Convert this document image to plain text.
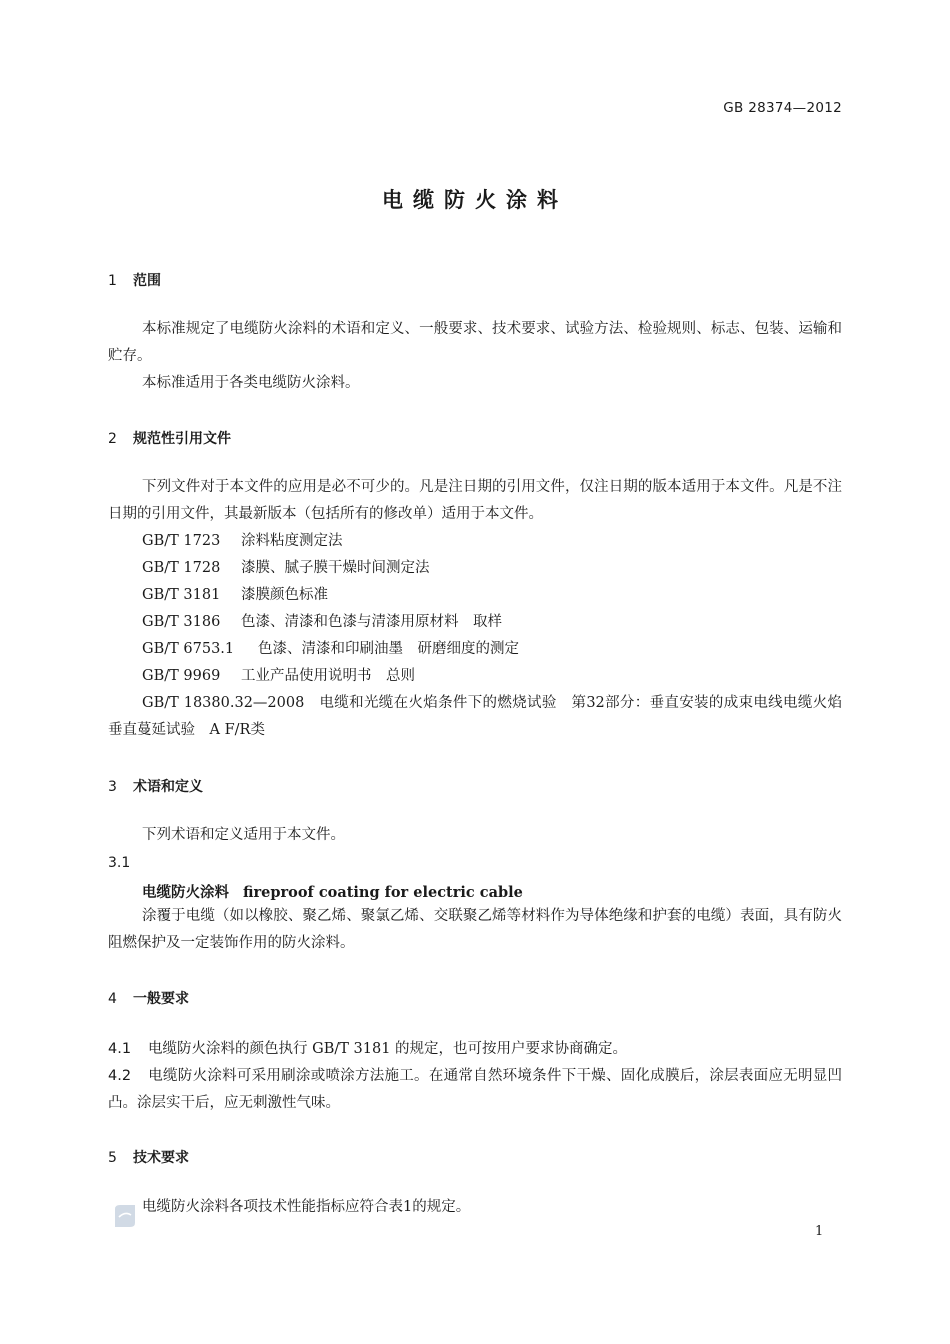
GB 28374—2012
电缆防火涂料
1 范围
本标准规定了电缆防火涂料的术语和定义、一般要求、技术要求、试验方法、检验规则、标志、包装、运输和贮存。
本标准适用于各类电缆防火涂料。
2 规范性引用文件
下列文件对于本文件的应用是必不可少的。凡是注日期的引用文件，仅注日期的版本适用于本文件。凡是不注日期的引用文件，其最新版本（包括所有的修改单）适用于本文件。
GB/T 1723 涂料粘度测定法
GB/T 1728 漆膜、腻子膜干燥时间测定法
GB/T 3181 漆膜颜色标准
GB/T 3186 色漆、清漆和色漆与清漆用原材料　取样
GB/T 6753.1 色漆、清漆和印刷油墨　研磨细度的测定
GB/T 9969 工业产品使用说明书　总则
GB/T 18380.32—2008　电缆和光缆在火焰条件下的燃烧试验　第32部分：垂直安装的成束电线电缆火焰垂直蔓延试验　A F/R类
3 术语和定义
下列术语和定义适用于本文件。
3.1
电缆防火涂料 fireproof coating for electric cable
涂覆于电缆（如以橡胶、聚乙烯、聚氯乙烯、交联聚乙烯等材料作为导体绝缘和护套的电缆）表面，具有防火阻燃保护及一定装饰作用的防火涂料。
4 一般要求
4.1 电缆防火涂料的颜色执行 GB/T 3181 的规定，也可按用户要求协商确定。
4.2 电缆防火涂料可采用刷涂或喷涂方法施工。在通常自然环境条件下干燥、固化成膜后，涂层表面应无明显凹凸。涂层实干后，应无刺激性气味。
5 技术要求
电缆防火涂料各项技术性能指标应符合表1的规定。
1
